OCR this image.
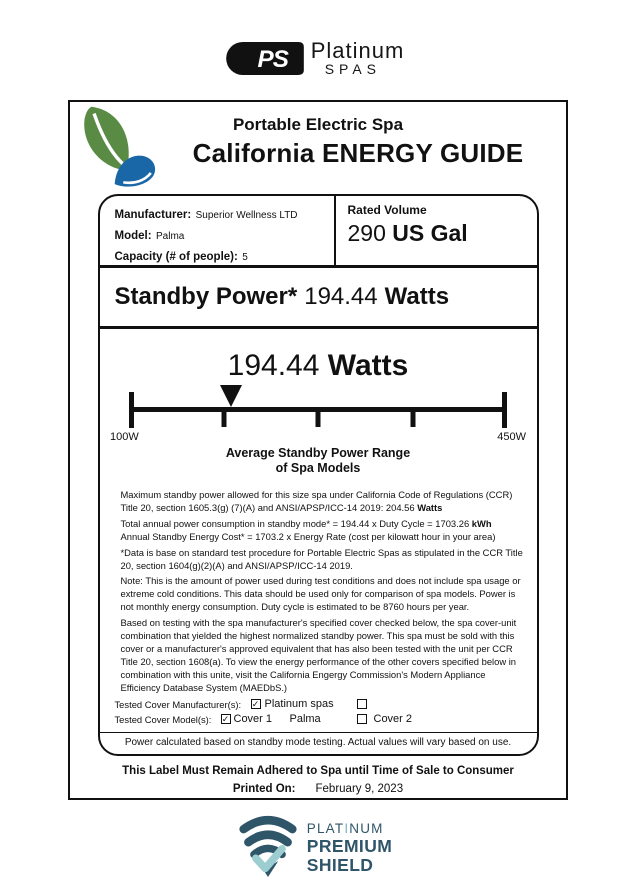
PS Platinum
SPAS
Portable Electric Spa
California ENERGY GUIDE
Manufacturer: Superior Wellness LTD
Model: Palma
Capacity (# of people): 5
Rated Volume
290 US Gal
Standby Power* 194.44 Watts
194.44 Watts
100W	450W
Average Standby Power Range
of Spa Models

Maximum standby power allowed for this size spa under California Code of Regulations (CCR) Title 20, section 1605.3(g) (7)(A) and ANSI/APSP/ICC-14 2019: 204.56 Watts

Total annual power consumption in standby mode* = 194.44 x Duty Cycle = 1703.26 kWh
Annual Standby Energy Cost* = 1703.2 x Energy Rate (cost per kilowatt hour in your area)

*Data is base on standard test procedure for Portable Electric Spas as stipulated in the CCR Title 20, section 1604(g)(2)(A) and ANSI/APSP/ICC-14 2019.

Note: This is the amount of power used during test conditions and does not include spa usage or extreme cold conditions. This data should be used only for comparison of spa models. Power is not monthly energy consumption. Duty cycle is estimated to be 8760 hours per year.

Based on testing with the spa manufacturer's specified cover checked below, the spa cover-unit combination that yielded the highest normalized standby power. This spa must be sold with this cover or a manufacturer's approved equivalent that has also been tested with the unit per CCR Title 20, section 1608(a). To view the energy performance of the other covers specified below in combination with this unite, visit the California Engergy Commission's Modern Appliance Efficiency Database System (MAEDbS.)

Tested Cover Manufacturer(s): ✓ Platinum spas
Tested Cover Model(s): ✓ Cover 1 Palma	Cover 2
Power calculated based on standby mode testing. Actual values will vary based on use.
This Label Must Remain Adhered to Spa until Time of Sale to Consumer
Printed On: February 9, 2023
PLATINUM
PREMIUM
SHIELD
